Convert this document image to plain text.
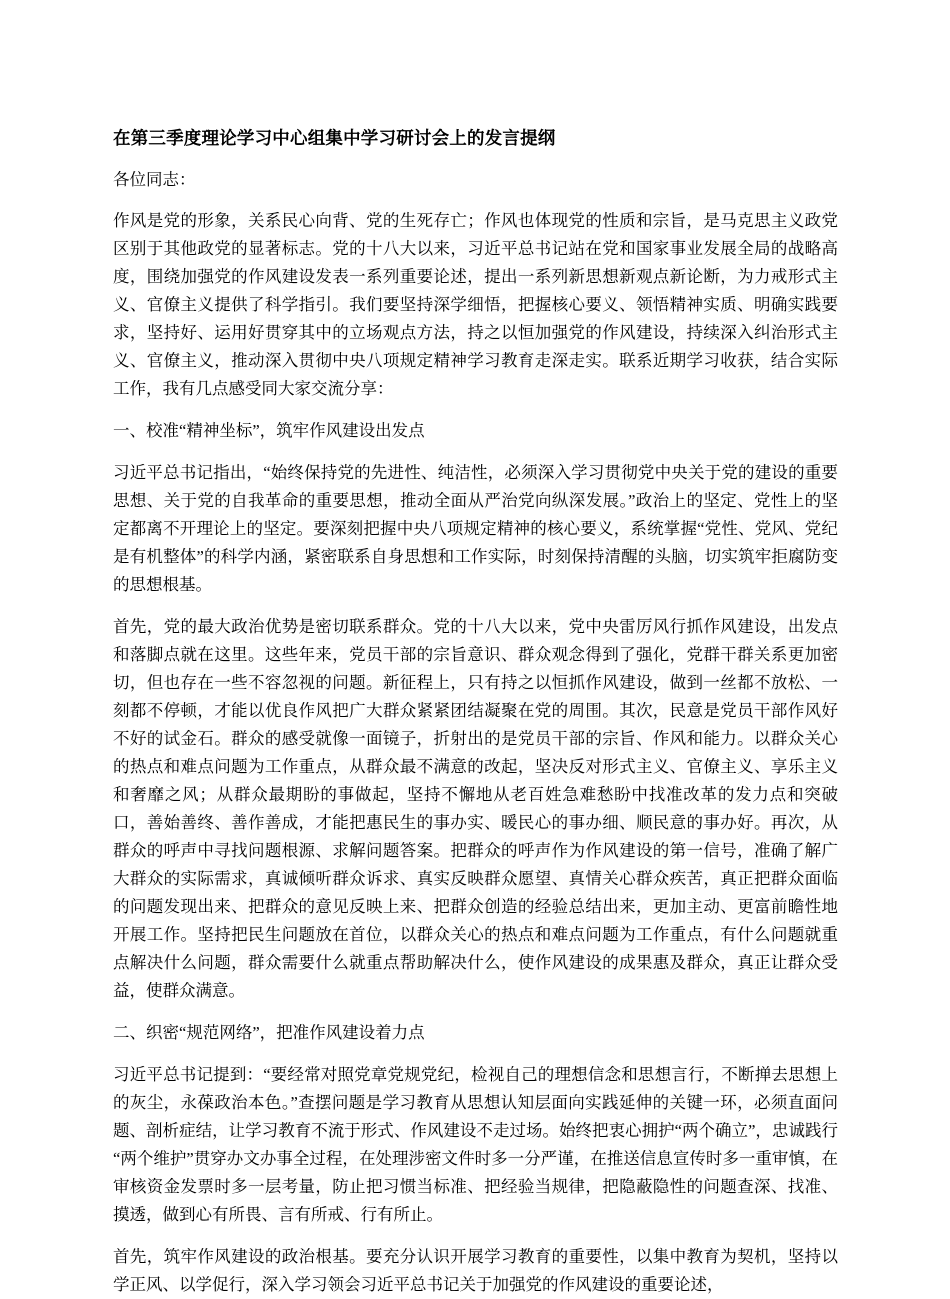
在第三季度理论学习中心组集中学习研讨会上的发言提纲

各位同志：

作风是党的形象，关系民心向背、党的生死存亡；作风也体现党的性质和宗旨，是马克思主义政党区别于其他政党的显著标志。党的十八大以来，习近平总书记站在党和国家事业发展全局的战略高度，围绕加强党的作风建设发表一系列重要论述，提出一系列新思想新观点新论断，为力戒形式主义、官僚主义提供了科学指引。我们要坚持深学细悟，把握核心要义、领悟精神实质、明确实践要求，坚持好、运用好贯穿其中的立场观点方法，持之以恒加强党的作风建设，持续深入纠治形式主义、官僚主义，推动深入贯彻中央八项规定精神学习教育走深走实。联系近期学习收获，结合实际工作，我有几点感受同大家交流分享：

一、校准“精神坐标”，筑牢作风建设出发点

习近平总书记指出，“始终保持党的先进性、纯洁性，必须深入学习贯彻党中央关于党的建设的重要思想、关于党的自我革命的重要思想，推动全面从严治党向纵深发展。”政治上的坚定、党性上的坚定都离不开理论上的坚定。要深刻把握中央八项规定精神的核心要义，系统掌握“党性、党风、党纪是有机整体”的科学内涵，紧密联系自身思想和工作实际，时刻保持清醒的头脑，切实筑牢拒腐防变的思想根基。

首先，党的最大政治优势是密切联系群众。党的十八大以来，党中央雷厉风行抓作风建设，出发点和落脚点就在这里。这些年来，党员干部的宗旨意识、群众观念得到了强化，党群干群关系更加密切，但也存在一些不容忽视的问题。新征程上，只有持之以恒抓作风建设，做到一丝都不放松、一刻都不停顿，才能以优良作风把广大群众紧紧团结凝聚在党的周围。其次，民意是党员干部作风好不好的试金石。群众的感受就像一面镜子，折射出的是党员干部的宗旨、作风和能力。以群众关心的热点和难点问题为工作重点，从群众最不满意的改起，坚决反对形式主义、官僚主义、享乐主义和奢靡之风；从群众最期盼的事做起，坚持不懈地从老百姓急难愁盼中找准改革的发力点和突破口，善始善终、善作善成，才能把惠民生的事办实、暖民心的事办细、顺民意的事办好。再次，从群众的呼声中寻找问题根源、求解问题答案。把群众的呼声作为作风建设的第一信号，准确了解广大群众的实际需求，真诚倾听群众诉求、真实反映群众愿望、真情关心群众疾苦，真正把群众面临的问题发现出来、把群众的意见反映上来、把群众创造的经验总结出来，更加主动、更富前瞻性地开展工作。坚持把民生问题放在首位，以群众关心的热点和难点问题为工作重点，有什么问题就重点解决什么问题，群众需要什么就重点帮助解决什么，使作风建设的成果惠及群众，真正让群众受益，使群众满意。

二、织密“规范网络”，把准作风建设着力点

习近平总书记提到：“要经常对照党章党规党纪，检视自己的理想信念和思想言行，不断掸去思想上的灰尘，永葆政治本色。”查摆问题是学习教育从思想认知层面向实践延伸的关键一环，必须直面问题、剖析症结，让学习教育不流于形式、作风建设不走过场。始终把衷心拥护“两个确立”，忠诚践行“两个维护”贯穿办文办事全过程，在处理涉密文件时多一分严谨，在推送信息宣传时多一重审慎，在审核资金发票时多一层考量，防止把习惯当标准、把经验当规律，把隐蔽隐性的问题查深、找准、摸透，做到心有所畏、言有所戒、行有所止。

首先，筑牢作风建设的政治根基。要充分认识开展学习教育的重要性，以集中教育为契机，坚持以学正风、以学促行，深入学习领会习近平总书记关于加强党的作风建设的重要论述，
